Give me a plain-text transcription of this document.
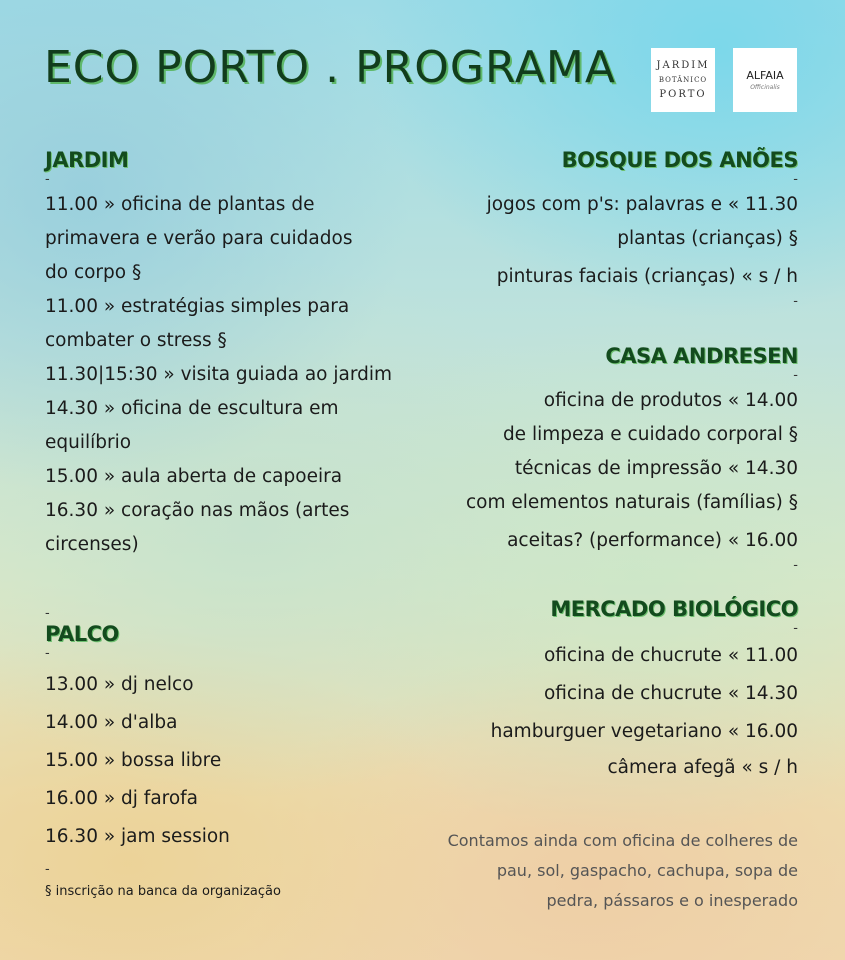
ECO PORTO . PROGRAMA	JARDIM
BOTÂNICO
PORTO
ALFAIA
Officinalis
JARDIM
-
11.00 » oficina de plantas de
primavera e verão para cuidados
do corpo §
11.00 » estratégias simples para
combater o stress §
11.30|15:30 » visita guiada ao jardim
14.30 » oficina de escultura em
equilíbrio
15.00 » aula aberta de capoeira
16.30 » coração nas mãos (artes
circenses)
-
PALCO
-
13.00 » dj nelco
14.00 » d'alba
15.00 » bossa libre
16.00 » dj farofa
16.30 » jam session
-
§ inscrição na banca da organização
BOSQUE DOS ANÕES
-
jogos com p's: palavras e « 11.30
plantas (crianças) §
pinturas faciais (crianças) « s / h
-
CASA ANDRESEN
-
oficina de produtos « 14.00
de limpeza e cuidado corporal §
técnicas de impressão « 14.30
com elementos naturais (famílias) §
aceitas? (performance) « 16.00
-
MERCADO BIOLÓGICO
-
oficina de chucrute « 11.00
oficina de chucrute « 14.30
hamburguer vegetariano « 16.00
câmera afegã « s / h
Contamos ainda com oficina de colheres de
pau, sol, gaspacho, cachupa, sopa de
pedra, pássaros e o inesperado
